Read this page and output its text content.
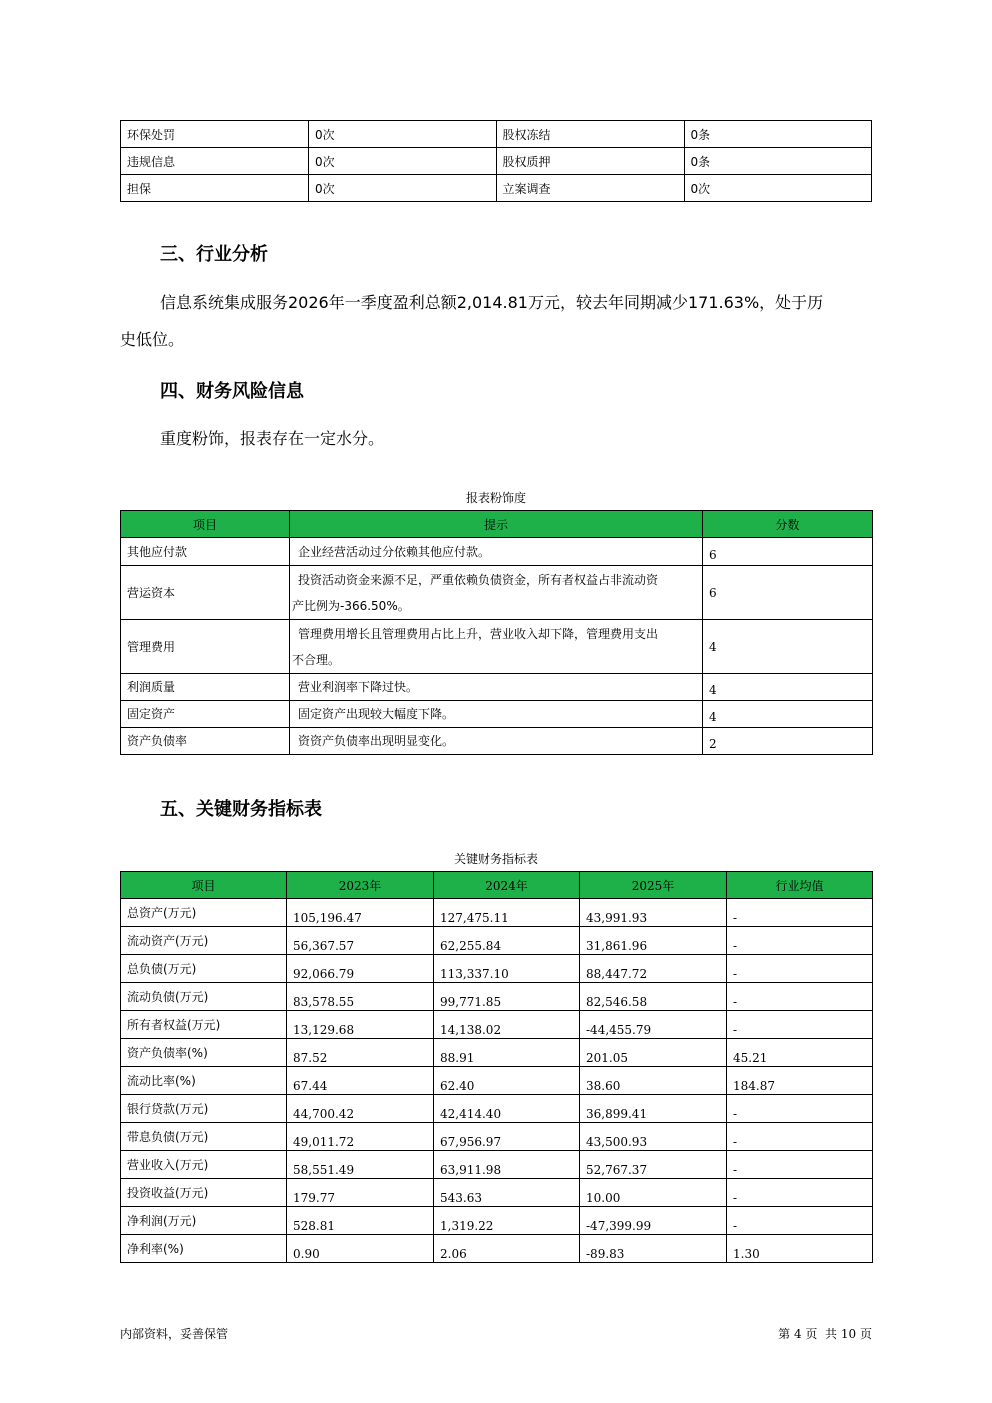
环保处罚	0次	股权冻结	0条
违规信息	0次	股权质押	0条
担保	0次	立案调查	0次
三、行业分析
信息系统集成服务2026年一季度盈利总额2,014.81万元，较去年同期减少171.63%，处于历
史低位。
四、财务风险信息
重度粉饰，报表存在一定水分。
报表粉饰度
项目	提示	分数
其他应付款	企业经营活动过分依赖其他应付款。	6
营运资本	投资活动资金来源不足，严重依赖负债资金，所有者权益占非流动资
产比例为-366.50%。	6
管理费用	管理费用增长且管理费用占比上升，营业收入却下降，管理费用支出
不合理。	4
利润质量	营业利润率下降过快。	4
固定资产	固定资产出现较大幅度下降。	4
资产负债率	资资产负债率出现明显变化。	2
五、关键财务指标表
关键财务指标表
项目	2023年	2024年	2025年	行业均值
总资产(万元)	105,196.47	127,475.11	43,991.93	-
流动资产(万元)	56,367.57	62,255.84	31,861.96	-
总负债(万元)	92,066.79	113,337.10	88,447.72	-
流动负债(万元)	83,578.55	99,771.85	82,546.58	-
所有者权益(万元)	13,129.68	14,138.02	-44,455.79	-
资产负债率(%)	87.52	88.91	201.05	45.21
流动比率(%)	67.44	62.40	38.60	184.87
银行贷款(万元)	44,700.42	42,414.40	36,899.41	-
带息负债(万元)	49,011.72	67,956.97	43,500.93	-
营业收入(万元)	58,551.49	63,911.98	52,767.37	-
投资收益(万元)	179.77	543.63	10.00	-
净利润(万元)	528.81	1,319.22	-47,399.99	-
净利率(%)	0.90	2.06	-89.83	1.30
内部资料，妥善保管	第 4 页  共 10 页
